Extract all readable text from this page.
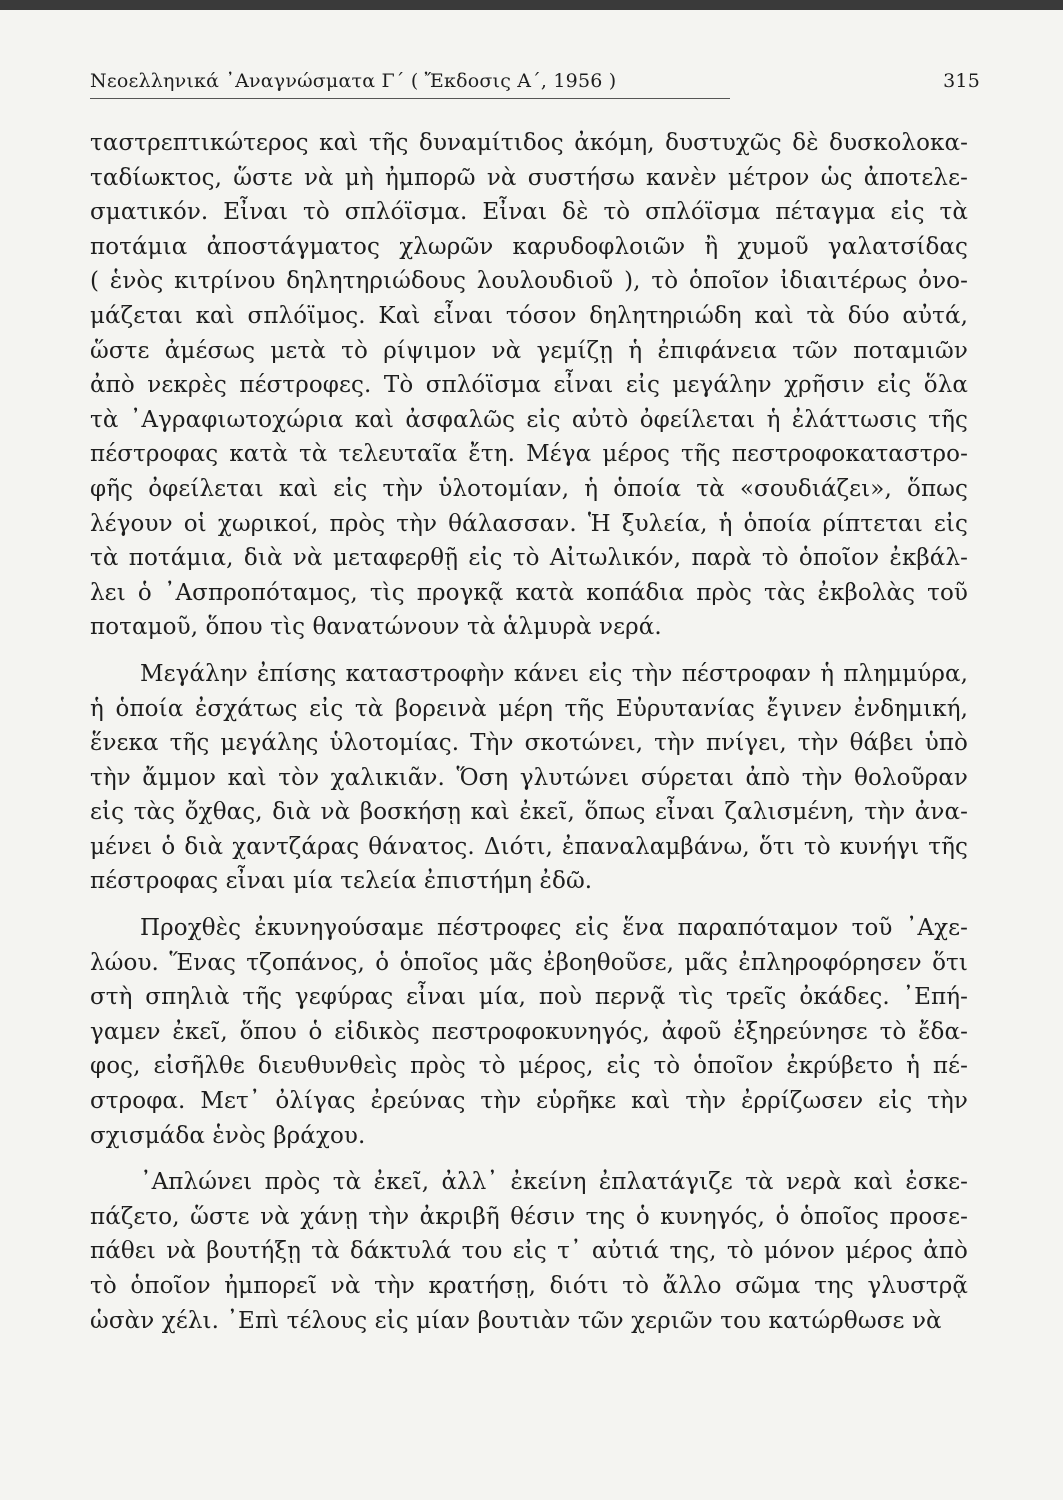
Νεοελληνικά ᾿Αναγνώσματα Γ΄ ( Ἔκδοσις Α΄, 1956 )	315

ταστρεπτικώτερος καὶ τῆς δυναμίτιδος ἀκόμη, δυστυχῶς δὲ δυσκολοκα-
ταδίωκτος, ὥστε νὰ μὴ ἠμπορῶ νὰ συστήσω κανὲν μέτρον ὡς ἀποτελε-
σματικόν. Εἶναι τὸ σπλόϊσμα. Εἶναι δὲ τὸ σπλόϊσμα πέταγμα εἰς τὰ
ποτάμια ἀποστάγματος χλωρῶν καρυδοφλοιῶν ἢ χυμοῦ γαλατσίδας
( ἑνὸς κιτρίνου δηλητηριώδους λουλουδιοῦ ), τὸ ὁποῖον ἰδιαιτέρως ὀνο-
μάζεται καὶ σπλόϊμος. Καὶ εἶναι τόσον δηλητηριώδη καὶ τὰ δύο αὐτά,
ὥστε ἀμέσως μετὰ τὸ ρίψιμον νὰ γεμίζῃ ἡ ἐπιφάνεια τῶν ποταμιῶν
ἀπὸ νεκρὲς πέστροφες. Τὸ σπλόϊσμα εἶναι εἰς μεγάλην χρῆσιν εἰς ὅλα
τὰ ᾿Αγραφιωτοχώρια καὶ ἀσφαλῶς εἰς αὐτὸ ὀφείλεται ἡ ἐλάττωσις τῆς
πέστροφας κατὰ τὰ τελευταῖα ἔτη. Μέγα μέρος τῆς πεστροφοκαταστρο-
φῆς ὀφείλεται καὶ εἰς τὴν ὑλοτομίαν, ἡ ὁποία τὰ «σουδιάζει», ὅπως
λέγουν οἱ χωρικοί, πρὸς τὴν θάλασσαν. Ἡ ξυλεία, ἡ ὁποία ρίπτεται εἰς
τὰ ποτάμια, διὰ νὰ μεταφερθῇ εἰς τὸ Αἰτωλικόν, παρὰ τὸ ὁποῖον ἐκβάλ-
λει ὁ ᾿Ασπροπόταμος, τὶς προγκᾷ κατὰ κοπάδια πρὸς τὰς ἐκβολὰς τοῦ
ποταμοῦ, ὅπου τὶς θανατώνουν τὰ ἁλμυρὰ νερά.

Μεγάλην ἐπίσης καταστροφὴν κάνει εἰς τὴν πέστροφαν ἡ πλημμύρα,
ἡ ὁποία ἐσχάτως εἰς τὰ βορεινὰ μέρη τῆς Εὐρυτανίας ἔγινεν ἐνδημική,
ἕνεκα τῆς μεγάλης ὑλοτομίας. Τὴν σκοτώνει, τὴν πνίγει, τὴν θάβει ὑπὸ
τὴν ἄμμον καὶ τὸν χαλικιᾶν. Ὅση γλυτώνει σύρεται ἀπὸ τὴν θολοῦραν
εἰς τὰς ὄχθας, διὰ νὰ βοσκήσῃ καὶ ἐκεῖ, ὅπως εἶναι ζαλισμένη, τὴν ἀνα-
μένει ὁ διὰ χαντζάρας θάνατος. Διότι, ἐπαναλαμβάνω, ὅτι τὸ κυνήγι τῆς
πέστροφας εἶναι μία τελεία ἐπιστήμη ἐδῶ.

Προχθὲς ἐκυνηγούσαμε πέστροφες εἰς ἕνα παραπόταμον τοῦ ᾿Αχε-
λώου. Ἕνας τζοπάνος, ὁ ὁποῖος μᾶς ἐβοηθοῦσε, μᾶς ἐπληροφόρησεν ὅτι
στὴ σπηλιὰ τῆς γεφύρας εἶναι μία, ποὺ περνᾷ τὶς τρεῖς ὀκάδες. ᾿Επή-
γαμεν ἐκεῖ, ὅπου ὁ εἰδικὸς πεστροφοκυνηγός, ἀφοῦ ἐξηρεύνησε τὸ ἔδα-
φος, εἰσῆλθε διευθυνθεὶς πρὸς τὸ μέρος, εἰς τὸ ὁποῖον ἐκρύβετο ἡ πέ-
στροφα. Μετ᾿ ὀλίγας ἐρεύνας τὴν εὑρῆκε καὶ τὴν ἐρρίζωσεν εἰς τὴν
σχισμάδα ἑνὸς βράχου.

᾿Απλώνει πρὸς τὰ ἐκεῖ, ἀλλ᾿ ἐκείνη ἐπλατάγιζε τὰ νερὰ καὶ ἐσκε-
πάζετο, ὥστε νὰ χάνῃ τὴν ἀκριβῆ θέσιν της ὁ κυνηγός, ὁ ὁποῖος προσε-
πάθει νὰ βουτήξῃ τὰ δάκτυλά του εἰς τ᾿ αὐτιά της, τὸ μόνον μέρος ἀπὸ
τὸ ὁποῖον ἠμπορεῖ νὰ τὴν κρατήσῃ, διότι τὸ ἄλλο σῶμα της γλυστρᾷ
ὡσὰν χέλι. ᾿Επὶ τέλους εἰς μίαν βουτιὰν τῶν χεριῶν του κατώρθωσε νὰ
